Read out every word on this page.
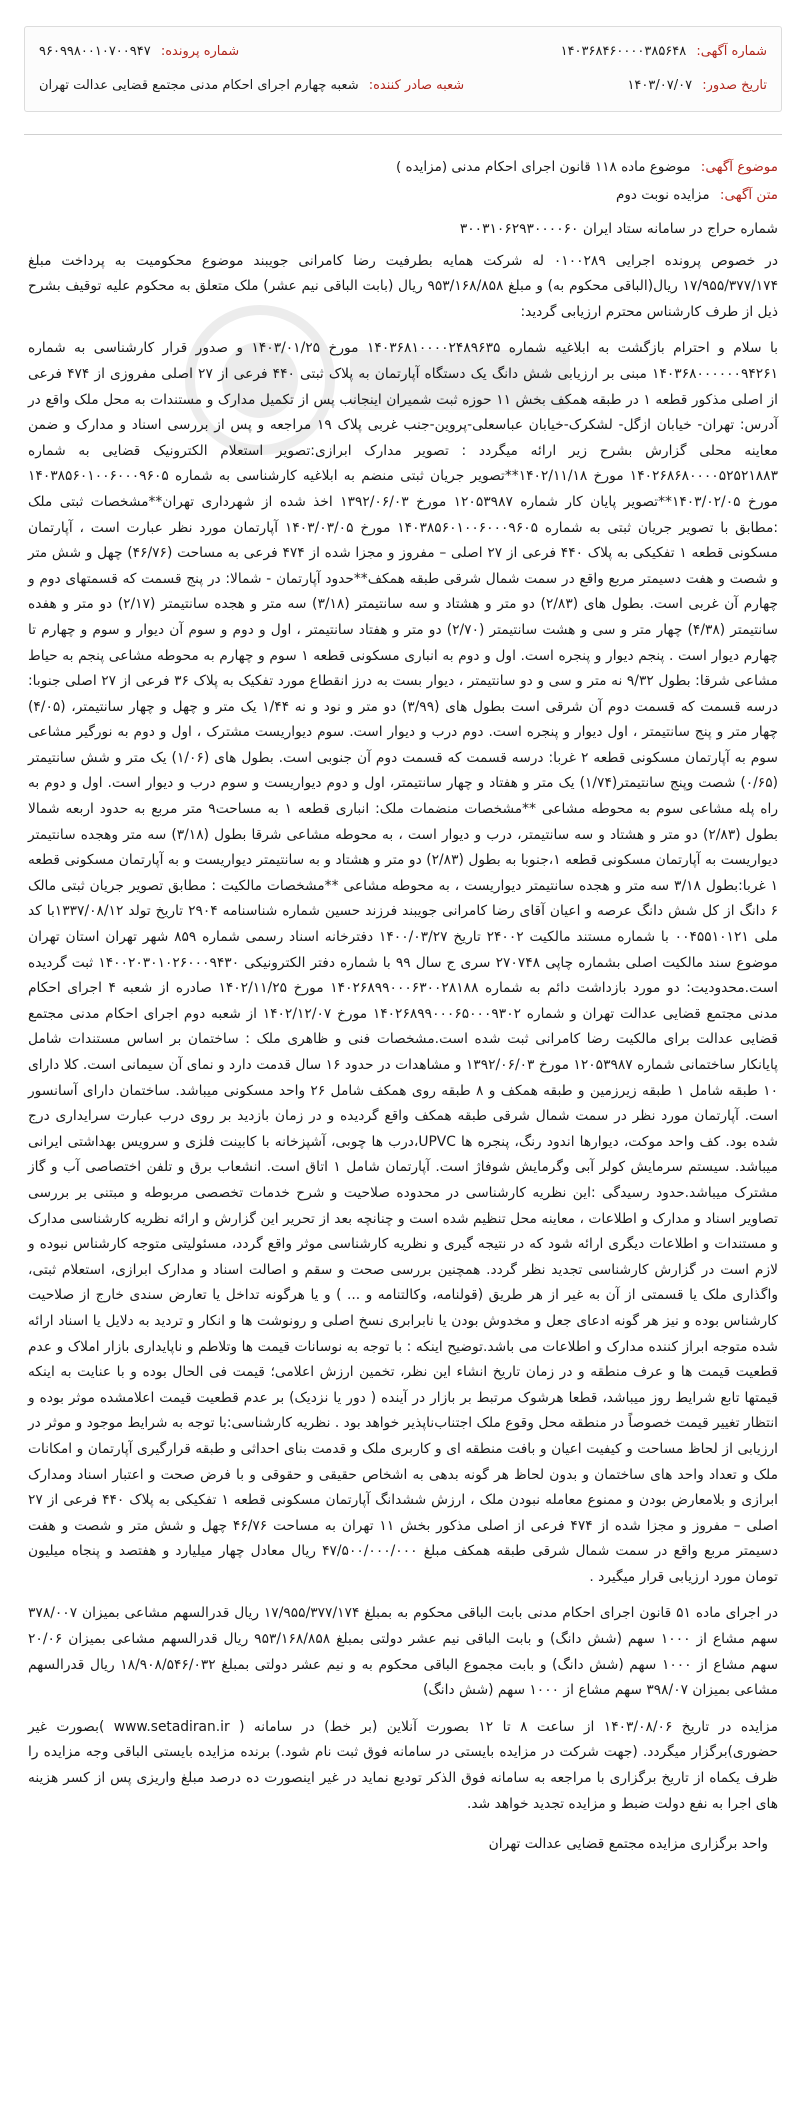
شماره آگهی: ۱۴۰۳۶۸۴۶۰۰۰۰۳۸۵۶۴۸
شماره پرونده: ۹۶۰۹۹۸۰۰۱۰۷۰۰۹۴۷
تاریخ صدور: ۱۴۰۳/۰۷/۰۷
شعبه صادر کننده: شعبه چهارم اجرای احکام مدنی مجتمع قضایی عدالت تهران
موضوع آگهی: موضوع ماده ۱۱۸ قانون اجرای احکام مدنی (مزایده )
متن آگهی: مزایده نوبت دوم

شماره حراج در سامانه ستاد ایران ۳۰۰۳۱۰۶۲۹۳۰۰۰۰۶۰

در خصوص پرونده اجرایی ۰۱۰۰۲۸۹ له شرکت همایه بطرفیت رضا کامرانی جویبند موضوع محکومیت به پرداخت مبلغ ۱۷/۹۵۵/۳۷۷/۱۷۴ ریال(الباقی محکوم به) و مبلغ ۹۵۳/۱۶۸/۸۵۸ ریال (بابت الباقی نیم عشر) ملک متعلق به محکوم علیه توقیف بشرح ذیل از طرف کارشناس محترم ارزیابی گردید:

با سلام و احترام بازگشت به ابلاغیه شماره ۱۴۰۳۶۸۱۰۰۰۰۲۴۸۹۶۳۵ مورخ ۱۴۰۳/۰۱/۲۵ و صدور قرار کارشناسی به شماره ۱۴۰۳۶۸۰۰۰۰۰۰۹۴۲۶۱ مبنی بر ارزیابی شش دانگ یک دستگاه آپارتمان به پلاک ثبتی ۴۴۰ فرعی از ۲۷ اصلی مفروزی از ۴۷۴ فرعی از اصلی مذکور قطعه ۱ در طبقه همکف بخش ۱۱ حوزه ثبت شمیران اینجانب پس از تکمیل مدارک و مستندات به محل ملک واقع در آدرس: تهران- خیابان ازگل- لشکرک-خیابان عباسعلی-پروین-جنب غربی پلاک ۱۹ مراجعه و پس از بررسی اسناد و مدارک و ضمن معاینه محلی گزارش بشرح زیر ارائه میگردد : تصویر مدارک ابرازی:تصویر استعلام الکترونیک قضایی به شماره ۱۴۰۲۶۸۶۸۰۰۰۰۵۲۵۲۱۸۸۳ مورخ ۱۴۰۲/۱۱/۱۸**تصویر جریان ثبتی منضم به ابلاغیه کارشناسی به شماره ۱۴۰۳۸۵۶۰۱۰۰۶۰۰۰۹۶۰۵ مورخ ۱۴۰۳/۰۲/۰۵**تصویر پایان کار شماره ۱۲۰۵۳۹۸۷ مورخ ۱۳۹۲/۰۶/۰۳ اخذ شده از شهرداری تهران**مشخصات ثبتی ملک :مطابق با تصویر جریان ثبتی به شماره ۱۴۰۳۸۵۶۰۱۰۰۶۰۰۰۹۶۰۵ مورخ ۱۴۰۳/۰۳/۰۵ آپارتمان مورد نظر عبارت است ، آپارتمان مسکونی قطعه ۱ تفکیکی به پلاک ۴۴۰ فرعی از ۲۷ اصلی – مفروز و مجزا شده از ۴۷۴ فرعی به مساحت (۴۶/۷۶) چهل و شش متر و شصت و هفت دسیمتر مربع واقع در سمت شمال شرقی طبقه همکف**حدود آپارتمان - شمالا: در پنج قسمت که قسمتهای دوم و چهارم آن غربی است. بطول های (۲/۸۳) دو متر و هشتاد و سه سانتیمتر (۳/۱۸) سه متر و هجده سانتیمتر (۲/۱۷) دو متر و هفده سانتیمتر (۴/۳۸) چهار متر و سی و هشت سانتیمتر (۲/۷۰) دو متر و هفتاد سانتیمتر ، اول و دوم و سوم آن دیوار و سوم و چهارم تا چهارم دیوار است . پنجم دیوار و پنجره است. اول و دوم به انباری مسکونی قطعه ۱ سوم و چهارم به محوطه مشاعی پنجم به حیاط مشاعی شرقا: بطول ۹/۳۲ نه متر و سی و دو سانتیمتر ، دیوار بست به درز انقطاع مورد تفکیک به پلاک ۳۶ فرعی از ۲۷ اصلی جنوبا: درسه قسمت که قسمت دوم آن شرقی است بطول های (۳/۹۹) دو متر و نود و نه ۱/۴۴ یک متر و چهل و چهار سانتیمتر، (۴/۰۵) چهار متر و پنج سانتیمتر ، اول دیوار و پنجره است. دوم درب و دیوار است. سوم دیواریست مشترک ، اول و دوم به نورگیر مشاعی سوم به آپارتمان مسکونی قطعه ۲ غربا: درسه قسمت که قسمت دوم آن جنوبی است. بطول های (۱/۰۶) یک متر و شش سانتیمتر (۰/۶۵) شصت وپنج سانتیمتر(۱/۷۴) یک متر و هفتاد و چهار سانتیمتر، اول و دوم دیواریست و سوم درب و دیوار است. اول و دوم به راه پله مشاعی سوم به محوطه مشاعی **مشخصات منضمات ملک: انباری قطعه ۱ به مساحت۹ متر مربع به حدود اربعه شمالا بطول (۲/۸۳) دو متر و هشتاد و سه سانتیمتر، درب و دیوار است ، به محوطه مشاعی شرقا بطول (۳/۱۸) سه متر وهجده سانتیمتر دیواریست به آپارتمان مسکونی قطعه ۱،جنوبا به بطول (۲/۸۳) دو متر و هشتاد و به سانتیمتر دیواریست و به آپارتمان مسکونی قطعه ۱ غربا:بطول ۳/۱۸ سه متر و هجده سانتیمتر دیواریست ، به محوطه مشاعی **مشخصات مالکیت : مطابق تصویر جریان ثبتی مالک ۶ دانگ از کل شش دانگ عرصه و اعیان آقای رضا کامرانی جویبند فرزند حسین شماره شناسنامه ۲۹۰۴ تاریخ تولد ۱۳۳۷/۰۸/۱۲با کد ملی ۰۰۴۵۵۱۰۱۲۱ با شماره مستند مالکیت ۲۴۰۰۲ تاریخ ۱۴۰۰/۰۳/۲۷ دفترخانه اسناد رسمی شماره ۸۵۹ شهر تهران استان تهران موضوع سند مالکیت اصلی بشماره چاپی ۲۷۰۷۴۸ سری ج سال ۹۹ با شماره دفتر الکترونیکی ۱۴۰۰۲۰۳۰۱۰۲۶۰۰۰۹۴۳۰ ثبت گردیده است.محدودیت: دو مورد بازداشت دائم به شماره ۱۴۰۲۶۸۹۹۰۰۰۶۳۰۰۲۸۱۸۸ مورخ ۱۴۰۲/۱۱/۲۵ صادره از شعبه ۴ اجرای احکام مدنی مجتمع قضایی عدالت تهران و شماره ۱۴۰۲۶۸۹۹۰۰۰۶۵۰۰۰۹۳۰۲ مورخ ۱۴۰۲/۱۲/۰۷ از شعبه دوم اجرای احکام مدنی مجتمع قضایی عدالت برای مالکیت رضا کامرانی ثبت شده است.مشخصات فنی و ظاهری ملک : ساختمان بر اساس مستندات شامل پایانکار ساختمانی شماره ۱۲۰۵۳۹۸۷ مورخ ۱۳۹۲/۰۶/۰۳ و مشاهدات در حدود ۱۶ سال قدمت دارد و نمای آن سیمانی است. کلا دارای ۱۰ طبقه شامل ۱ طبقه زیرزمین و طبقه همکف و ۸ طبقه روی همکف شامل ۲۶ واحد مسکونی میباشد. ساختمان دارای آسانسور است. آپارتمان مورد نظر در سمت شمال شرقی طبقه همکف واقع گردیده و در زمان بازدید بر روی درب عبارت سرایداری درج شده بود. کف واحد موکت، دیوارها اندود رنگ، پنجره ها UPVC،درب ها چوبی، آشپزخانه با کابینت فلزی و سرویس بهداشتی ایرانی میباشد. سیستم سرمایش کولر آبی وگرمایش شوفاژ است. آپارتمان شامل ۱ اتاق است. انشعاب برق و تلفن اختصاصی آب و گاز مشترک میباشد.حدود رسیدگی :این نظریه کارشناسی در محدوده صلاحیت و شرح خدمات تخصصی مربوطه و مبتنی بر بررسی تصاویر اسناد و مدارک و اطلاعات ، معاینه محل تنظیم شده است و چنانچه بعد از تحریر این گزارش و ارائه نظریه کارشناسی مدارک و مستندات و اطلاعات دیگری ارائه شود که در نتیجه گیری و نظریه کارشناسی موثر واقع گردد، مسئولیتی متوجه کارشناس نبوده و لازم است در گزارش کارشناسی تجدید نظر گردد. همچنین بررسی صحت و سقم و اصالت اسناد و مدارک ابرازی، استعلام ثبتی، واگذاری ملک یا قسمتی از آن به غیر از هر طریق (قولنامه، وکالتنامه و ... ) و یا هرگونه تداخل یا تعارض سندی خارج از صلاحیت کارشناس بوده و نیز هر گونه ادعای جعل و مخدوش بودن یا نابرابری نسخ اصلی و رونوشت ها و انکار و تردید به دلایل یا اسناد ارائه شده متوجه ابراز کننده مدارک و اطلاعات می باشد.توضیح اینکه : با توجه به نوسانات قیمت ها وتلاطم و ناپایداری بازار املاک و عدم قطعیت قیمت ها و عرف منطقه و در زمان تاریخ انشاء این نظر، تخمین ارزش اعلامی؛ قیمت فی الحال بوده و با عنایت به اینکه قیمتها تابع شرایط روز میباشد، قطعا هرشوک مرتبط بر بازار در آینده ( دور یا نزدیک) بر عدم قطعیت قیمت اعلامشده موثر بوده و انتظار تغییر قیمت خصوصاً در منطقه محل وقوع ملک اجتناب‌ناپذیر خواهد بود . نظریه کارشناسی:با توجه به شرایط موجود و موثر در ارزیابی از لحاظ مساحت و کیفیت اعیان و بافت منطقه ای و کاربری ملک و قدمت بنای احداثی و طبقه قرارگیری آپارتمان و امکانات ملک و تعداد واحد های ساختمان و بدون لحاظ هر گونه بدهی به اشخاص حقیقی و حقوقی و با فرض صحت و اعتبار اسناد ومدارک ابرازی و بلامعارض بودن و ممنوع معامله نبودن ملک ، ارزش ششدانگ آپارتمان مسکونی قطعه ۱ تفکیکی به پلاک ۴۴۰ فرعی از ۲۷ اصلی – مفروز و مجزا شده از ۴۷۴ فرعی از اصلی مذکور بخش ۱۱ تهران به مساحت ۴۶/۷۶ چهل و شش متر و شصت و هفت دسیمتر مربع واقع در سمت شمال شرقی طبقه همکف مبلغ ۴۷/۵۰۰/۰۰۰/۰۰۰ ریال معادل چهار میلیارد و هفتصد و پنجاه میلیون تومان مورد ارزیابی قرار میگیرد .

در اجرای ماده ۵۱ قانون اجرای احکام مدنی بابت الباقی محکوم به بمبلغ ۱۷/۹۵۵/۳۷۷/۱۷۴ ریال قدرالسهم مشاعی بمیزان ۳۷۸/۰۰۷ سهم مشاع از ۱۰۰۰ سهم (شش دانگ) و بابت الباقی نیم عشر دولتی بمبلغ ۹۵۳/۱۶۸/۸۵۸ ریال قدرالسهم مشاعی بمیزان ۲۰/۰۶ سهم مشاع از ۱۰۰۰ سهم (شش دانگ) و بابت مجموع الباقی محکوم به و نیم عشر دولتی بمبلغ ۱۸/۹۰۸/۵۴۶/۰۳۲ ریال قدرالسهم مشاعی بمیزان ۳۹۸/۰۷ سهم مشاع از ۱۰۰۰ سهم (شش دانگ)

مزایده در تاریخ ۱۴۰۳/۰۸/۰۶ از ساعت ۸ تا ۱۲ بصورت آنلاین (بر خط) در سامانه ( www.setadiran.ir )بصورت غیر حضوری)برگزار میگردد. (جهت شرکت در مزایده بایستی در سامانه فوق ثبت نام شود.) برنده مزایده بایستی الباقی وجه مزایده را ظرف یکماه از تاریخ برگزاری با مراجعه به سامانه فوق الذکر تودیع نماید در غیر اینصورت ده درصد مبلغ واریزی پس از کسر هزینه های اجرا به نفع دولت ضبط و مزایده تجدید خواهد شد.

واحد برگزاری مزایده مجتمع قضایی عدالت تهران
